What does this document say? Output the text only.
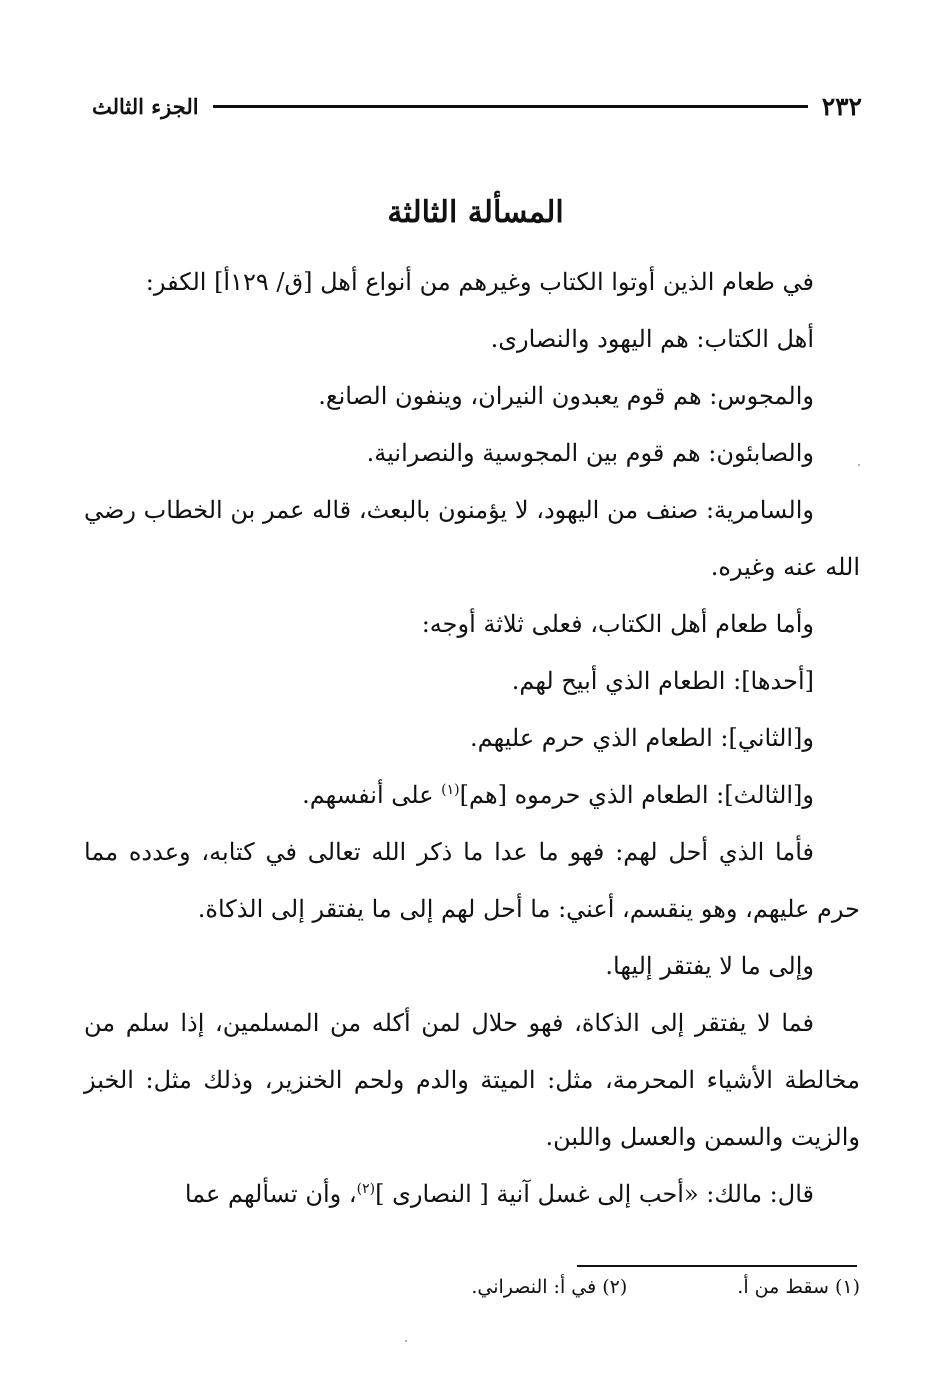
٢٣٢
الجزء الثالث
المسألة الثالثة

في طعام الذين أوتوا الكتاب وغيرهم من أنواع أهل [ق/ ١٢٩أ] الكفر:

أهل الكتاب: هم اليهود والنصارى.

والمجوس: هم قوم يعبدون النيران، وينفون الصانع.

والصابئون: هم قوم بين المجوسية والنصرانية.

والسامرية: صنف من اليهود، لا يؤمنون بالبعث، قاله عمر بن الخطاب رضي الله عنه وغيره.

وأما طعام أهل الكتاب، فعلى ثلاثة أوجه:

[أحدها]: الطعام الذي أبيح لهم.

و[الثاني]: الطعام الذي حرم عليهم.

و[الثالث]: الطعام الذي حرموه [هم]$^{(١)}$ على أنفسهم.

فأما الذي أحل لهم: فهو ما عدا ما ذكر الله تعالى في كتابه، وعدده مما حرم عليهم، وهو ينقسم، أعني: ما أحل لهم إلى ما يفتقر إلى الذكاة.

وإلى ما لا يفتقر إليها.

فما لا يفتقر إلى الذكاة، فهو حلال لمن أكله من المسلمين، إذا سلم من مخالطة الأشياء المحرمة، مثل: الميتة والدم ولحم الخنزير، وذلك مثل: الخبز والزيت والسمن والعسل واللبن.

قال: مالك: «أحب إلى غسل آنية [ النصارى ]$^{(٢)}$، وأن تسألهم عما

(١) سقط من أ.
(٢) في أ: النصراني.
